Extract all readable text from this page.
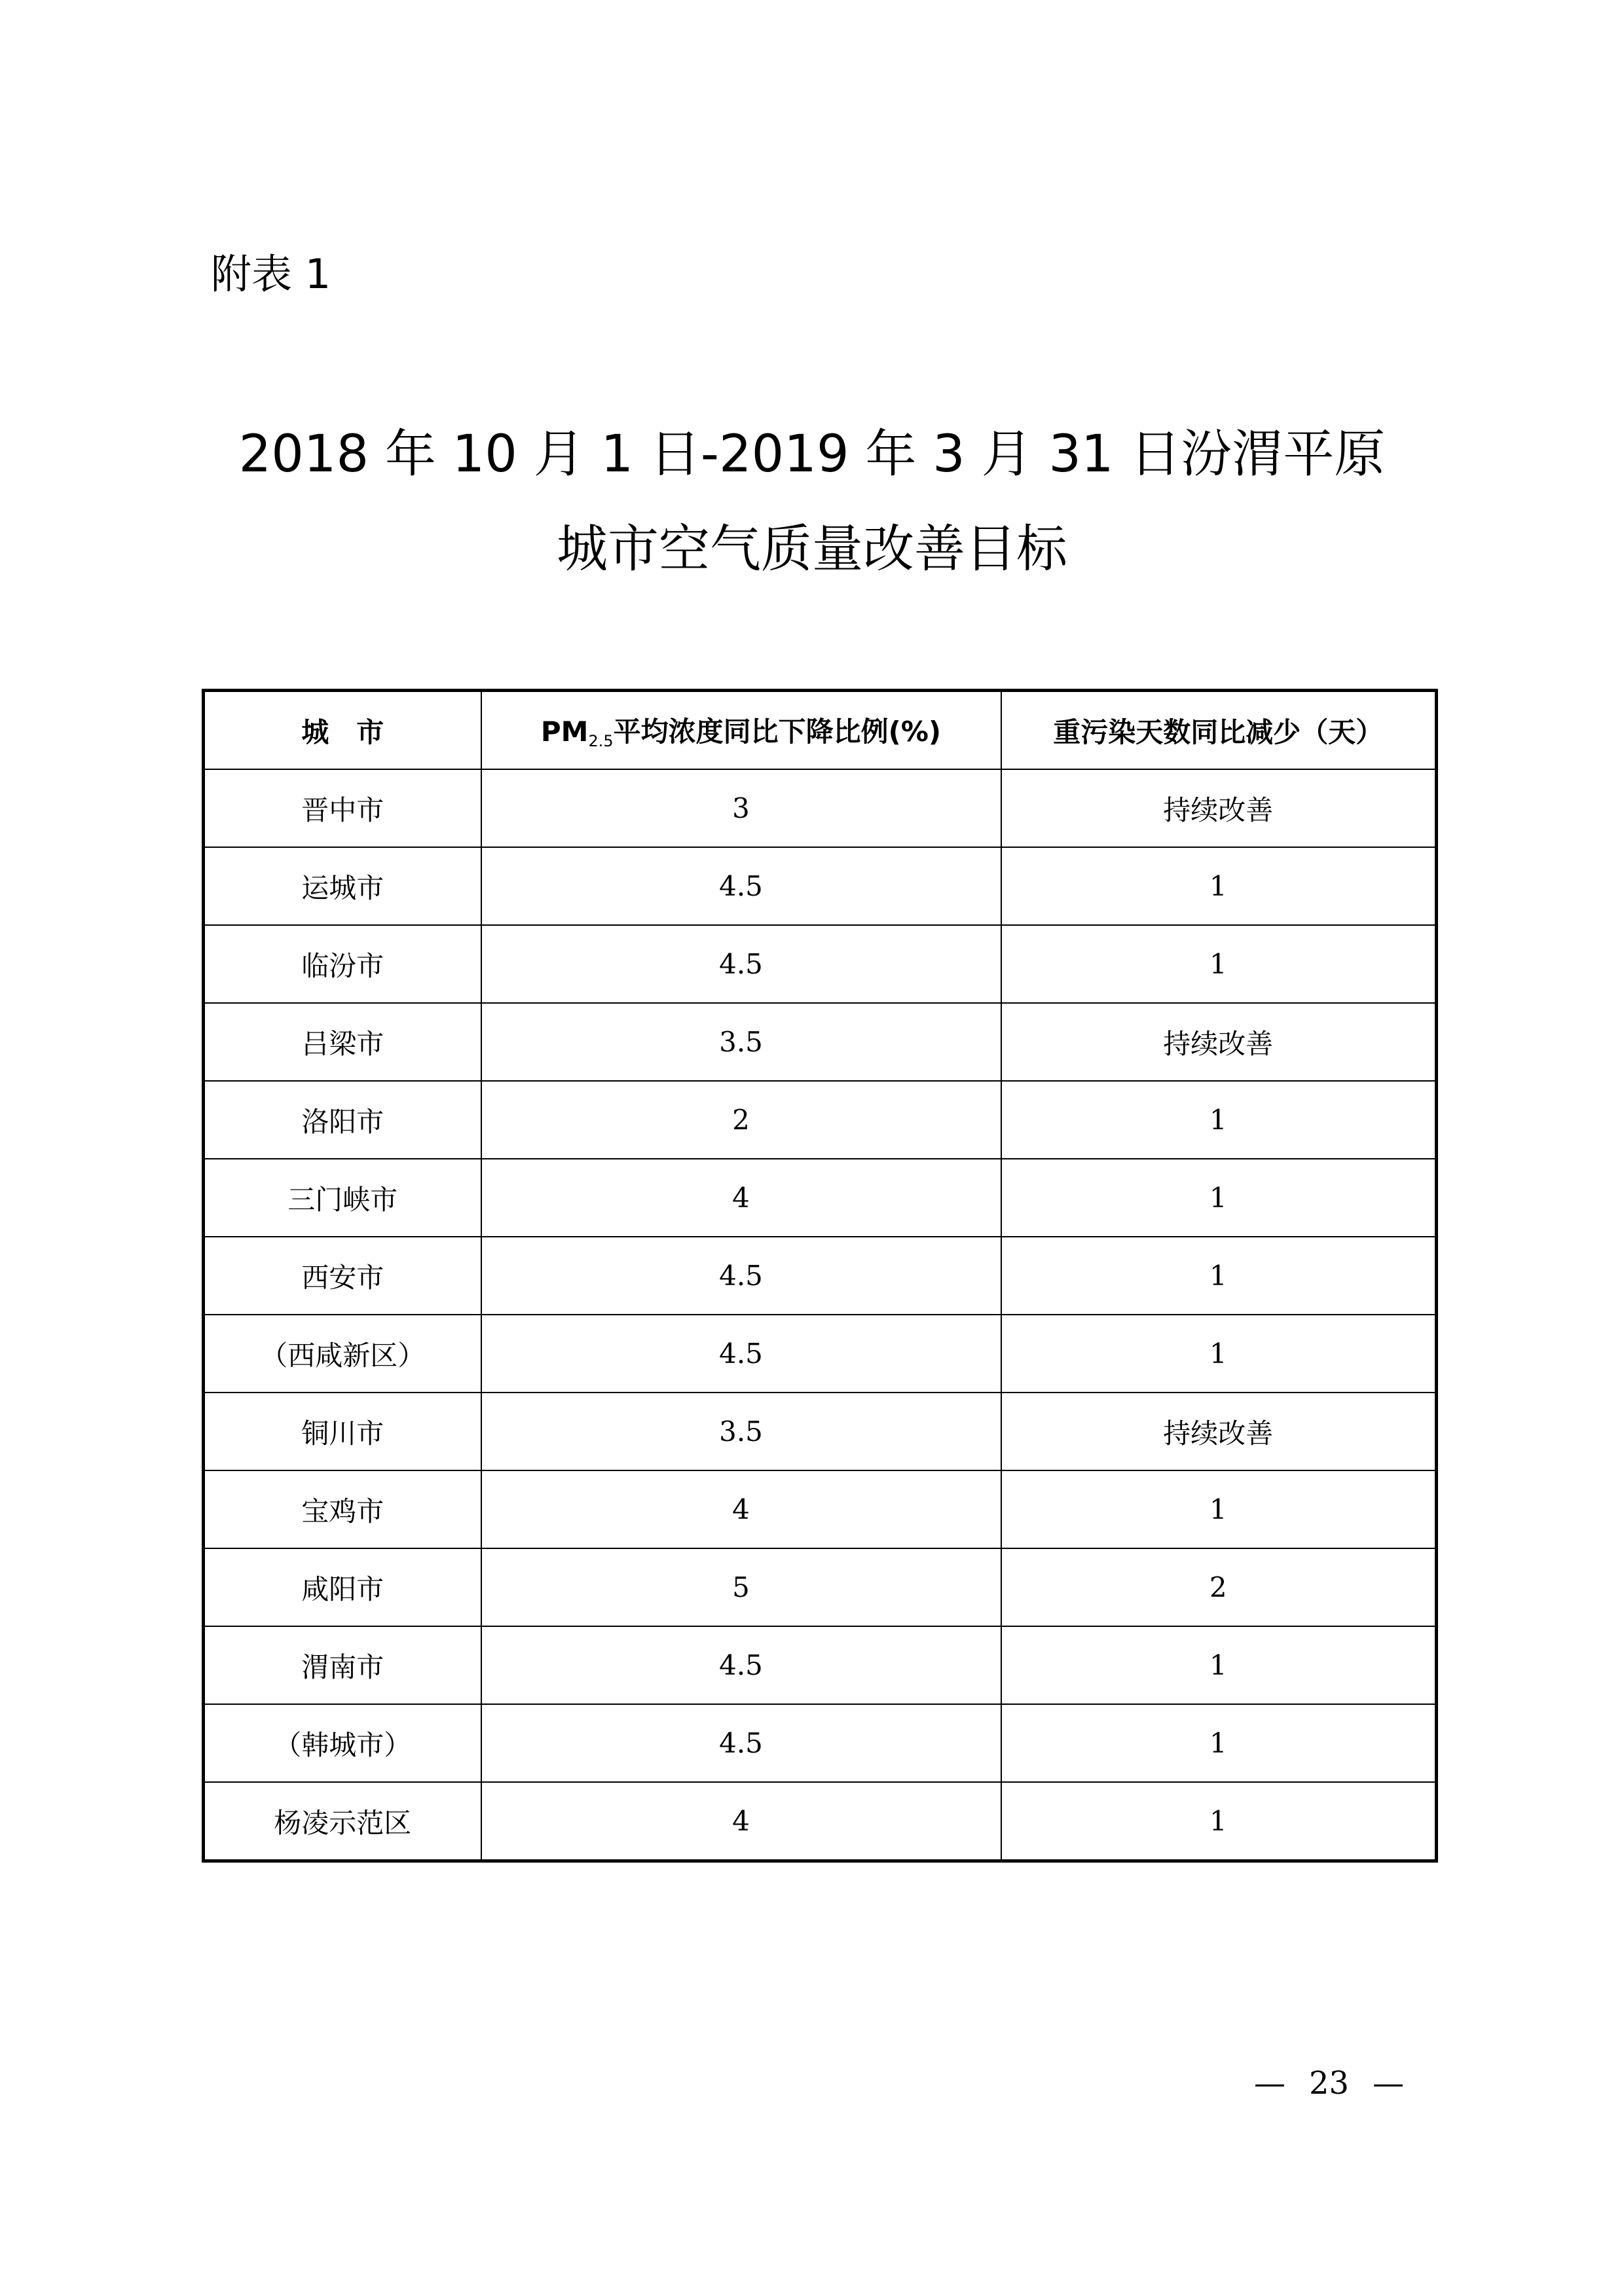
附表 1
2018 年 10 月 1 日-2019 年 3 月 31 日汾渭平原
城市空气质量改善目标
城　市	PM2.5平均浓度同比下降比例(%)	重污染天数同比减少（天）
晋中市	3	持续改善
运城市	4.5	1
临汾市	4.5	1
吕梁市	3.5	持续改善
洛阳市	2	1
三门峡市	4	1
西安市	4.5	1
（西咸新区）	4.5	1
铜川市	3.5	持续改善
宝鸡市	4	1
咸阳市	5	2
渭南市	4.5	1
（韩城市）	4.5	1
杨凌示范区	4	1
— 23 —
